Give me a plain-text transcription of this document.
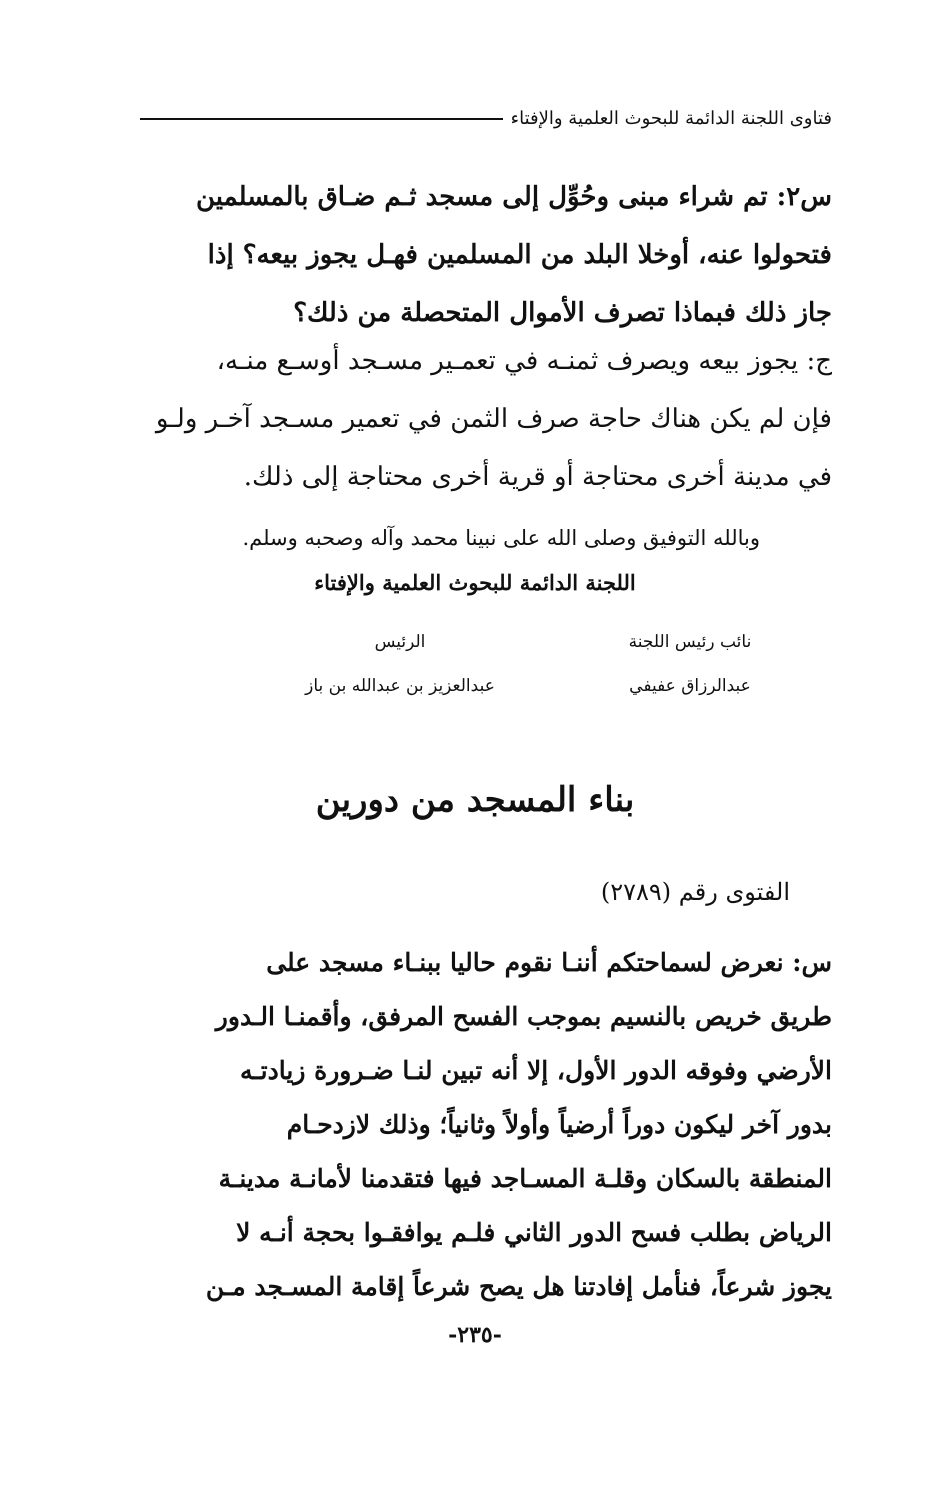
فتاوى اللجنة الدائمة للبحوث العلمية والإفتاء
س٢: تم شراء مبنى وحُوِّل إلى مسجد ثـم ضـاق بالمسلمين
فتحولوا عنه، أوخلا البلد من المسلمين فهـل يجوز بيعه؟ إذا
جاز ذلك فبماذا تصرف الأموال المتحصلة من ذلك؟
ج: يجوز بيعه ويصرف ثمنـه في تعمـير مسـجد أوسـع منـه،
فإن لم يكن هناك حاجة صرف الثمن في تعمير مسـجد آخـر ولـو
في مدينة أخرى محتاجة أو قرية أخرى محتاجة إلى ذلك.
وبالله التوفيق وصلى الله على نبينا محمد وآله وصحبه وسلم.
اللجنة الدائمة للبحوث العلمية والإفتاء
نائب رئيس اللجنة
عبدالرزاق عفيفي
الرئيس
عبدالعزيز بن عبدالله بن باز
بناء المسجد من دورين
الفتوى رقم (٢٧٨٩)
س: نعرض لسماحتكم أننـا نقوم حاليا ببنـاء مسجد على
طريق خريص بالنسيم بموجب الفسح المرفق، وأقمنـا الـدور
الأرضي وفوقه الدور الأول، إلا أنه تبين لنـا ضـرورة زيادتـه
بدور آخر ليكون دوراً أرضياً وأولاً وثانياً؛ وذلك لازدحـام
المنطقة بالسكان وقلـة المسـاجد فيها فتقدمنا لأمانـة مدينـة
الرياض بطلب فسح الدور الثاني فلـم يوافقـوا بحجة أنـه لا
يجوز شرعاً، فنأمل إفادتنا هل يصح شرعاً إقامة المسـجد مـن
-٢٣٥-
